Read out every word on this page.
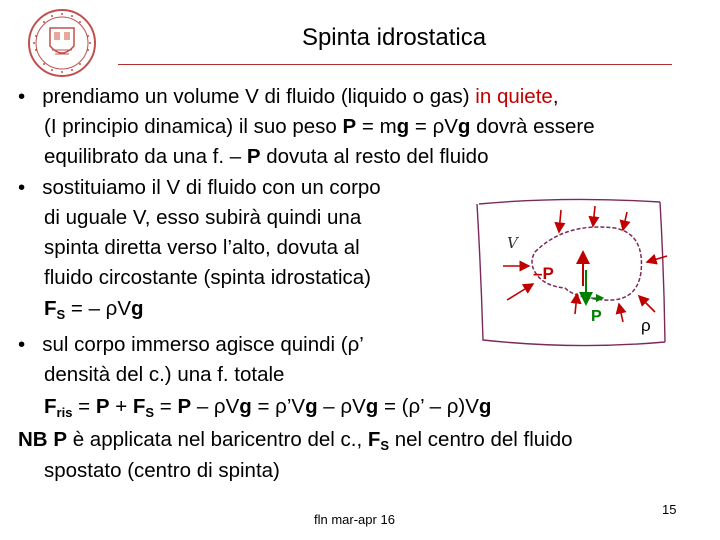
Spinta idrostatica
•   prendiamo un volume V di fluido (liquido o gas) in quiete,
(I principio dinamica) il suo peso P = mg = ρVg dovrà essere
equilibrato da una f. – P dovuta al resto del fluido
•   sostituiamo il V di fluido con un corpo
di uguale V, esso subirà quindi una
spinta diretta verso l’alto, dovuta al
fluido circostante (spinta idrostatica)
$F_S$ = – ρVg
•   sul corpo immerso agisce quindi (ρ’
densità del c.) una f. totale
$F_{ris} = P + F_S = P - \rho Vg$ = ρ’Vg – ρVg = (ρ’ – ρ)Vg
NB P è applicata nel baricentro del c., $F_S$ nel centro del fluido
spostato (centro di spinta)
V
–P
P ρ
fln mar-apr 16
15
